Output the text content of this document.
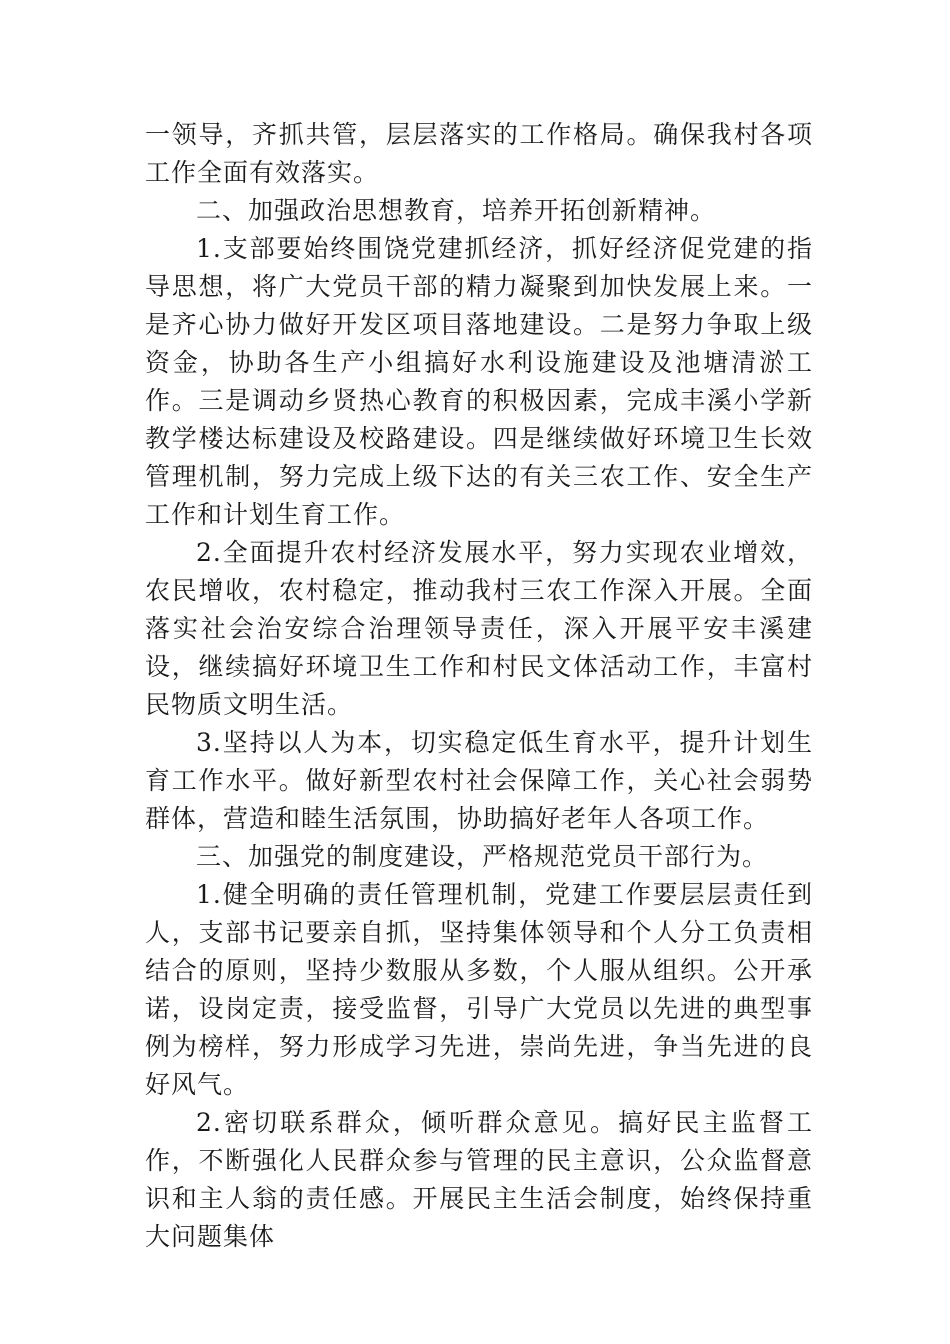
一领导，齐抓共管，层层落实的工作格局。确保我村各项工作全面有效落实。

二、加强政治思想教育，培养开拓创新精神。

1.支部要始终围饶党建抓经济，抓好经济促党建的指导思想，将广大党员干部的精力凝聚到加快发展上来。一是齐心协力做好开发区项目落地建设。二是努力争取上级资金，协助各生产小组搞好水利设施建设及池塘清淤工作。三是调动乡贤热心教育的积极因素，完成丰溪小学新教学楼达标建设及校路建设。四是继续做好环境卫生长效管理机制，努力完成上级下达的有关三农工作、安全生产工作和计划生育工作。

2.全面提升农村经济发展水平，努力实现农业增效，农民增收，农村稳定，推动我村三农工作深入开展。全面落实社会治安综合治理领导责任，深入开展平安丰溪建设，继续搞好环境卫生工作和村民文体活动工作，丰富村民物质文明生活。

3.坚持以人为本，切实稳定低生育水平，提升计划生育工作水平。做好新型农村社会保障工作，关心社会弱势群体，营造和睦生活氛围，协助搞好老年人各项工作。

三、加强党的制度建设，严格规范党员干部行为。

1.健全明确的责任管理机制，党建工作要层层责任到人，支部书记要亲自抓，坚持集体领导和个人分工负责相结合的原则，坚持少数服从多数，个人服从组织。公开承诺，设岗定责，接受监督，引导广大党员以先进的典型事例为榜样，努力形成学习先进，崇尚先进，争当先进的良好风气。

2.密切联系群众，倾听群众意见。搞好民主监督工作，不断强化人民群众参与管理的民主意识，公众监督意识和主人翁的责任感。开展民主生活会制度，始终保持重大问题集体
